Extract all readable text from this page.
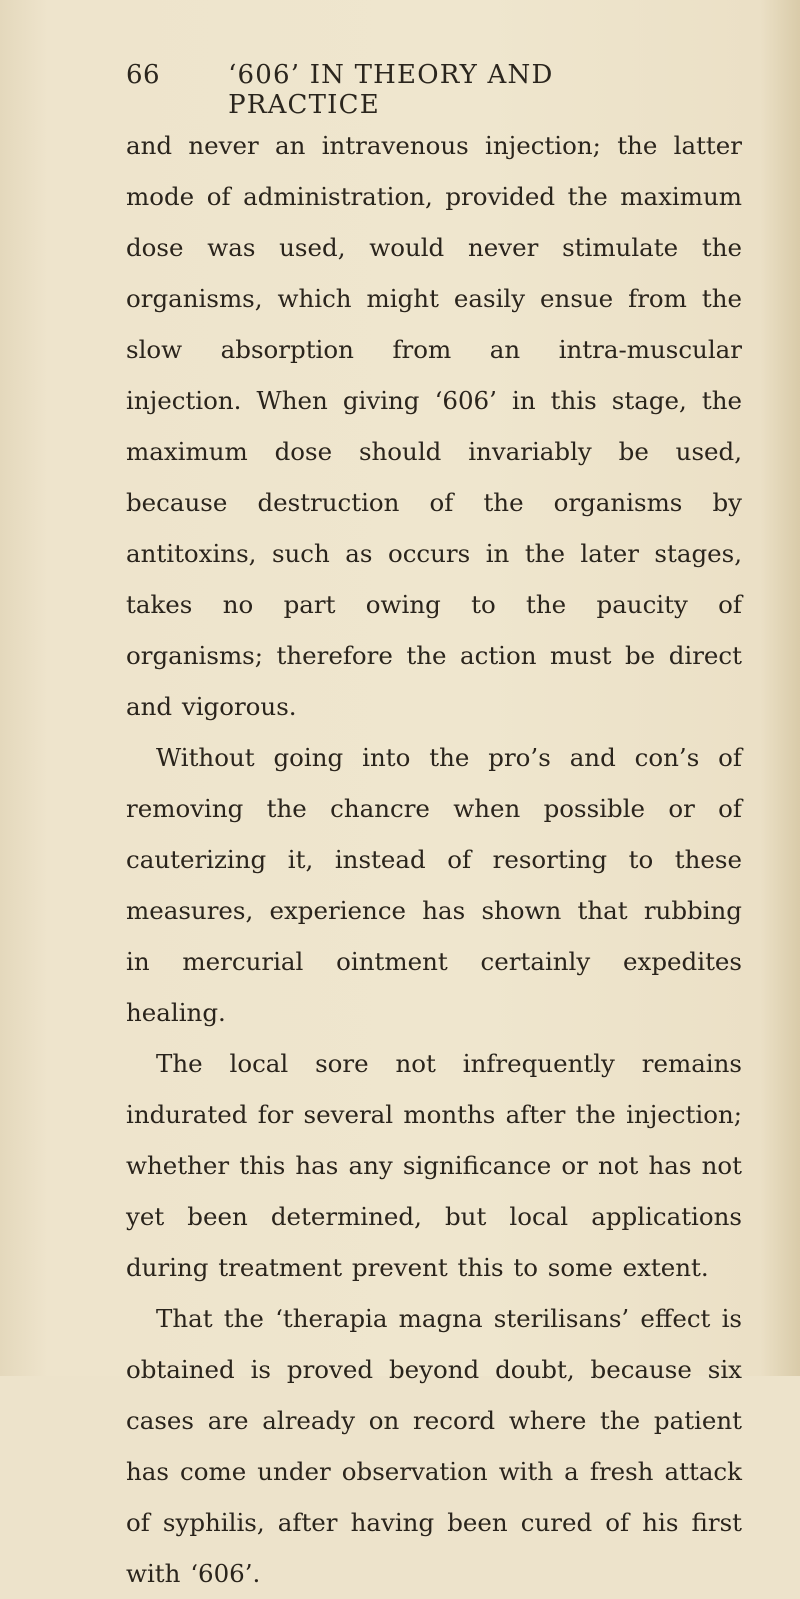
66	‘606’ IN THEORY AND PRACTICE

and never an intravenous injection; the latter mode of administration, provided the maximum dose was used, would never stimulate the organisms, which might easily ensue from the slow absorption from an intra-muscular injection. When giving ‘606’ in this stage, the maximum dose should invariably be used, because destruction of the organisms by antitoxins, such as occurs in the later stages, takes no part owing to the paucity of organisms; therefore the action must be direct and vigorous.

Without going into the pro’s and con’s of removing the chancre when possible or of cauterizing it, instead of resorting to these measures, experience has shown that rubbing in mercurial ointment certainly expedites healing.

The local sore not infrequently remains indurated for several months after the injection; whether this has any significance or not has not yet been determined, but local applications during treatment prevent this to some extent.

That the ‘therapia magna sterilisans’ effect is obtained is proved beyond doubt, because six cases are already on record where the patient has come under observation with a fresh attack of syphilis, after having been cured of his first with ‘606’.
